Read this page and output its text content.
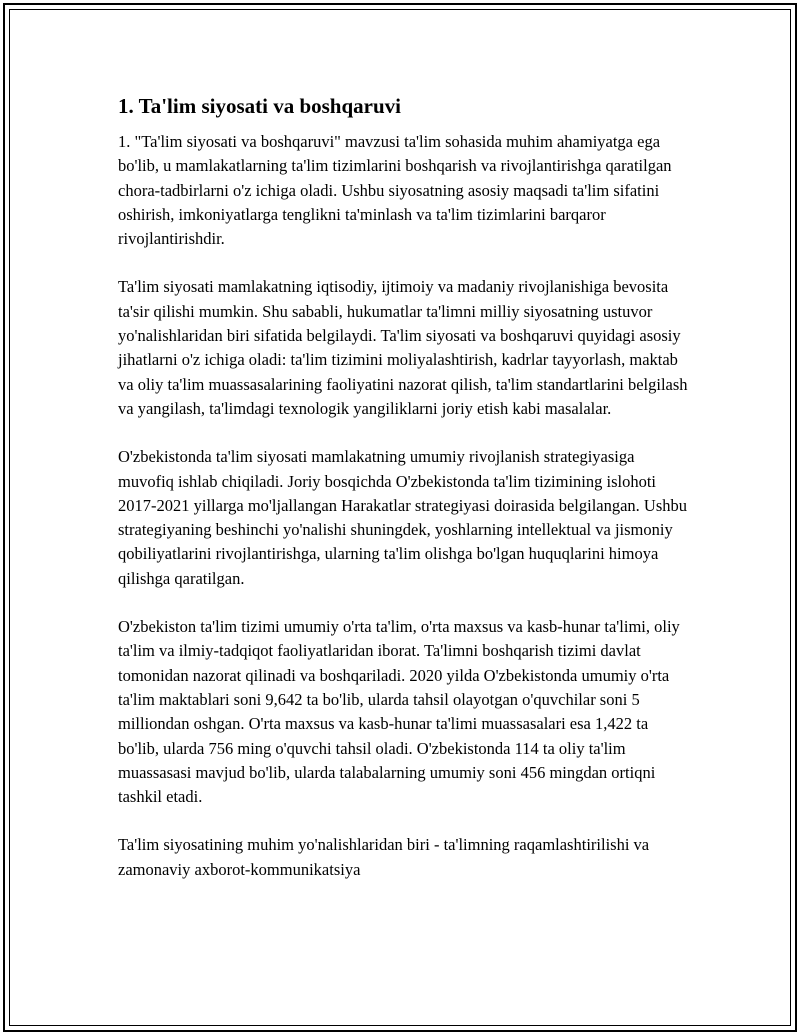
1. Ta'lim siyosati va boshqaruvi

1. "Ta'lim siyosati va boshqaruvi" mavzusi ta'lim sohasida muhim ahamiyatga ega bo'lib, u mamlakatlarning ta'lim tizimlarini boshqarish va rivojlantirishga qaratilgan chora-tadbirlarni o'z ichiga oladi. Ushbu siyosatning asosiy maqsadi ta'lim sifatini oshirish, imkoniyatlarga tenglikni ta'minlash va ta'lim tizimlarini barqaror rivojlantirishdir.

Ta'lim siyosati mamlakatning iqtisodiy, ijtimoiy va madaniy rivojlanishiga bevosita ta'sir qilishi mumkin. Shu sababli, hukumatlar ta'limni milliy siyosatning ustuvor yo'nalishlaridan biri sifatida belgilaydi. Ta'lim siyosati va boshqaruvi quyidagi asosiy jihatlarni o'z ichiga oladi: ta'lim tizimini moliyalashtirish, kadrlar tayyorlash, maktab va oliy ta'lim muassasalarining faoliyatini nazorat qilish, ta'lim standartlarini belgilash va yangilash, ta'limdagi texnologik yangiliklarni joriy etish kabi masalalar.

O'zbekistonda ta'lim siyosati mamlakatning umumiy rivojlanish strategiyasiga muvofiq ishlab chiqiladi. Joriy bosqichda O'zbekistonda ta'lim tizimining islohoti 2017-2021 yillarga mo'ljallangan Harakatlar strategiyasi doirasida belgilangan. Ushbu strategiyaning beshinchi yo'nalishi shuningdek, yoshlarning intellektual va jismoniy qobiliyatlarini rivojlantirishga, ularning ta'lim olishga bo'lgan huquqlarini himoya qilishga qaratilgan.

O'zbekiston ta'lim tizimi umumiy o'rta ta'lim, o'rta maxsus va kasb-hunar ta'limi, oliy ta'lim va ilmiy-tadqiqot faoliyatlaridan iborat. Ta'limni boshqarish tizimi davlat tomonidan nazorat qilinadi va boshqariladi. 2020 yilda O'zbekistonda umumiy o'rta ta'lim maktablari soni 9,642 ta bo'lib, ularda tahsil olayotgan o'quvchilar soni 5 milliondan oshgan. O'rta maxsus va kasb-hunar ta'limi muassasalari esa 1,422 ta bo'lib, ularda 756 ming o'quvchi tahsil oladi. O'zbekistonda 114 ta oliy ta'lim muassasasi mavjud bo'lib, ularda talabalarning umumiy soni 456 mingdan ortiqni tashkil etadi.

Ta'lim siyosatining muhim yo'nalishlaridan biri - ta'limning raqamlashtirilishi va zamonaviy axborot-kommunikatsiya
